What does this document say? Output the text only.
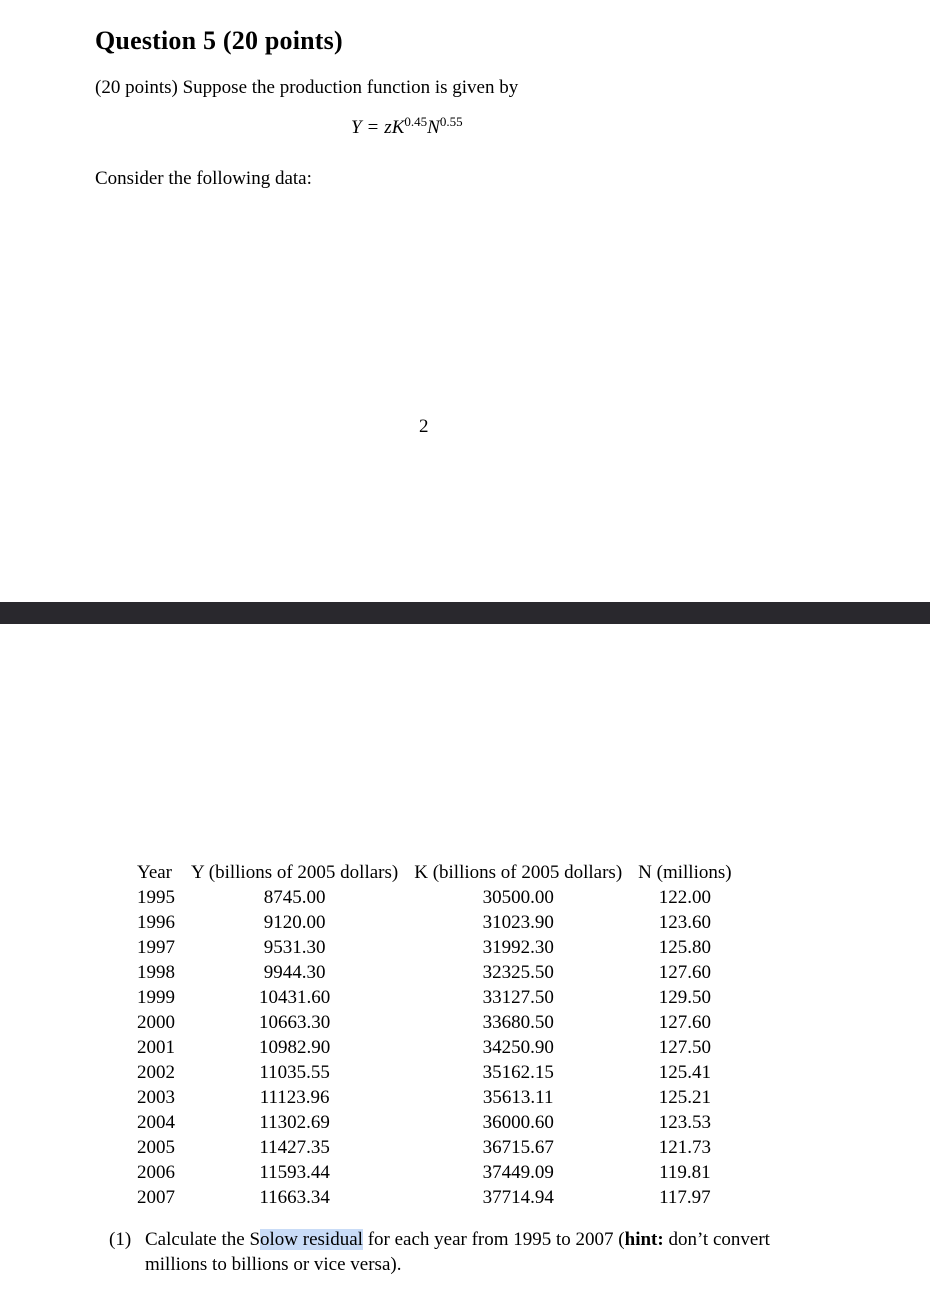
Question 5 (20 points)
(20 points) Suppose the production function is given by
$Y = zK^{0.45}N^{0.55}$
Consider the following data:
2
Year	Y (billions of 2005 dollars)	K (billions of 2005 dollars)	N (millions)
1995	8745.00	30500.00	122.00
1996	9120.00	31023.90	123.60
1997	9531.30	31992.30	125.80
1998	9944.30	32325.50	127.60
1999	10431.60	33127.50	129.50
2000	10663.30	33680.50	127.60
2001	10982.90	34250.90	127.50
2002	11035.55	35162.15	125.41
2003	11123.96	35613.11	125.21
2004	11302.69	36000.60	123.53
2005	11427.35	36715.67	121.73
2006	11593.44	37449.09	119.81
2007	11663.34	37714.94	117.97
(1) Calculate the Solow residual for each year from 1995 to 2007 (hint: don’t convert millions to billions or vice versa).
